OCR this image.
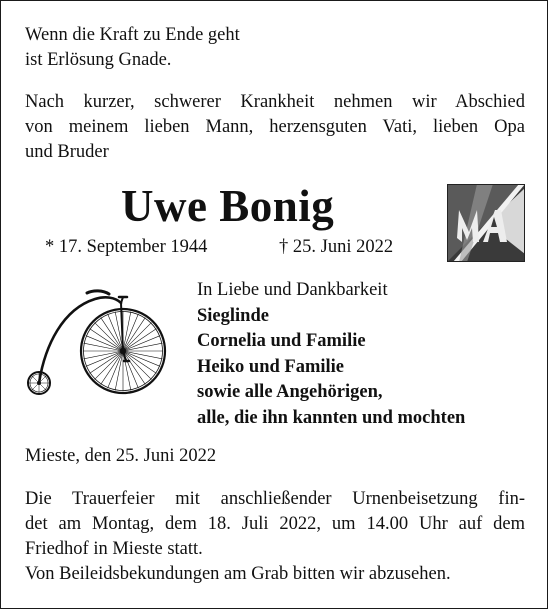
Wenn die Kraft zu Ende geht

ist Erlösung Gnade.

Nach kurzer, schwerer Krankheit nehmen wir Abschied
von meinem lieben Mann, herzensguten Vati, lieben Opa
und Bruder
Uwe Bonig
* 17. September 1944	† 25. Juni 2022
In Liebe und Dankbarkeit
Sieglinde
Cornelia und Familie
Heiko und Familie
sowie alle Angehörigen,
alle, die ihn kannten und mochten

Mieste, den 25. Juni 2022

Die Trauerfeier mit anschließender Urnenbeisetzung fin-
det am Montag, dem 18. Juli 2022, um 14.00 Uhr auf dem
Friedhof in Mieste statt.
Von Beileidsbekundungen am Grab bitten wir abzusehen.
